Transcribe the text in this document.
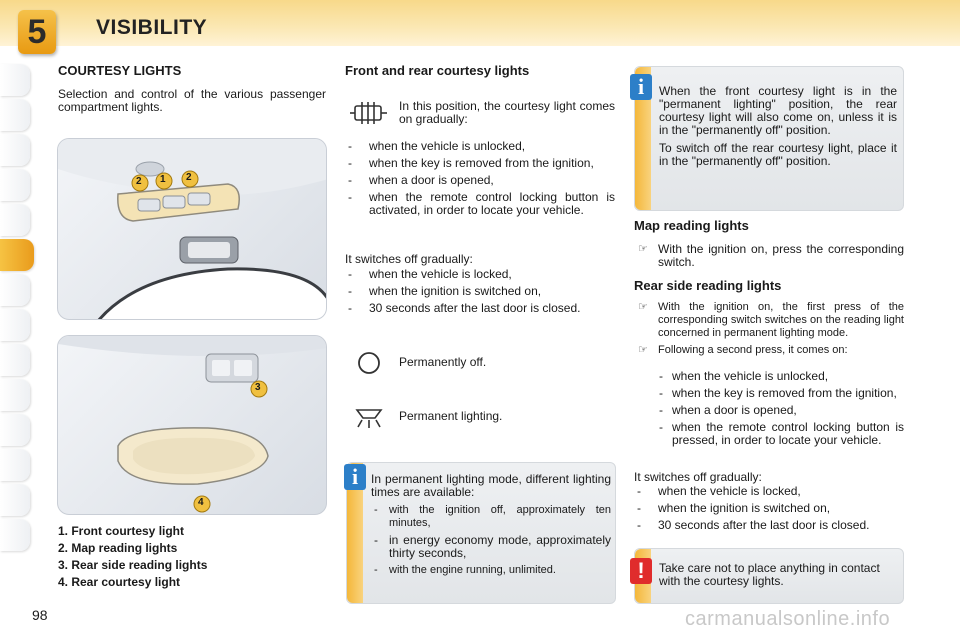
5	VISIBILITY
COURTESY LIGHTS
Selection and control of the various passenger compartment lights.
2 1 2
3
4
1. Front courtesy light
2. Map reading lights
3. Rear side reading lights
4. Rear courtesy light
98
Front and rear courtesy lights
In this position, the courtesy light comes on gradually:
- when the vehicle is unlocked,
- when the key is removed from the ignition,
- when a door is opened,
- when the remote control locking button is activated, in order to locate your vehicle.
It switches off gradually:
- when the vehicle is locked,
- when the ignition is switched on,
- 30 seconds after the last door is closed.
Permanently off.
Permanent lighting.

In permanent lighting mode, different lighting times are available:

- with the ignition off, approximately ten minutes,
- in energy economy mode, approximately thirty seconds,
- with the engine running, unlimited.
i

When the front courtesy light is in the "permanent lighting" position, the rear courtesy light will also come on, unless it is in the "permanently off" position.

To switch off the rear courtesy light, place it in the "permanently off" position.

i
Map reading lights
☞ With the ignition on, press the corresponding switch.
Rear side reading lights
☞ With the ignition on, the first press of the corresponding switch switches on the reading light concerned in permanent lighting mode.
☞ Following a second press, it comes on:
- when the vehicle is unlocked,
- when the key is removed from the ignition,
- when a door is opened,
- when the remote control locking button is pressed, in order to locate your vehicle.
It switches off gradually:
- when the vehicle is locked,
- when the ignition is switched on,
- 30 seconds after the last door is closed.
Take care not to place anything in contact with the courtesy lights.
!
carmanualsonline.info
